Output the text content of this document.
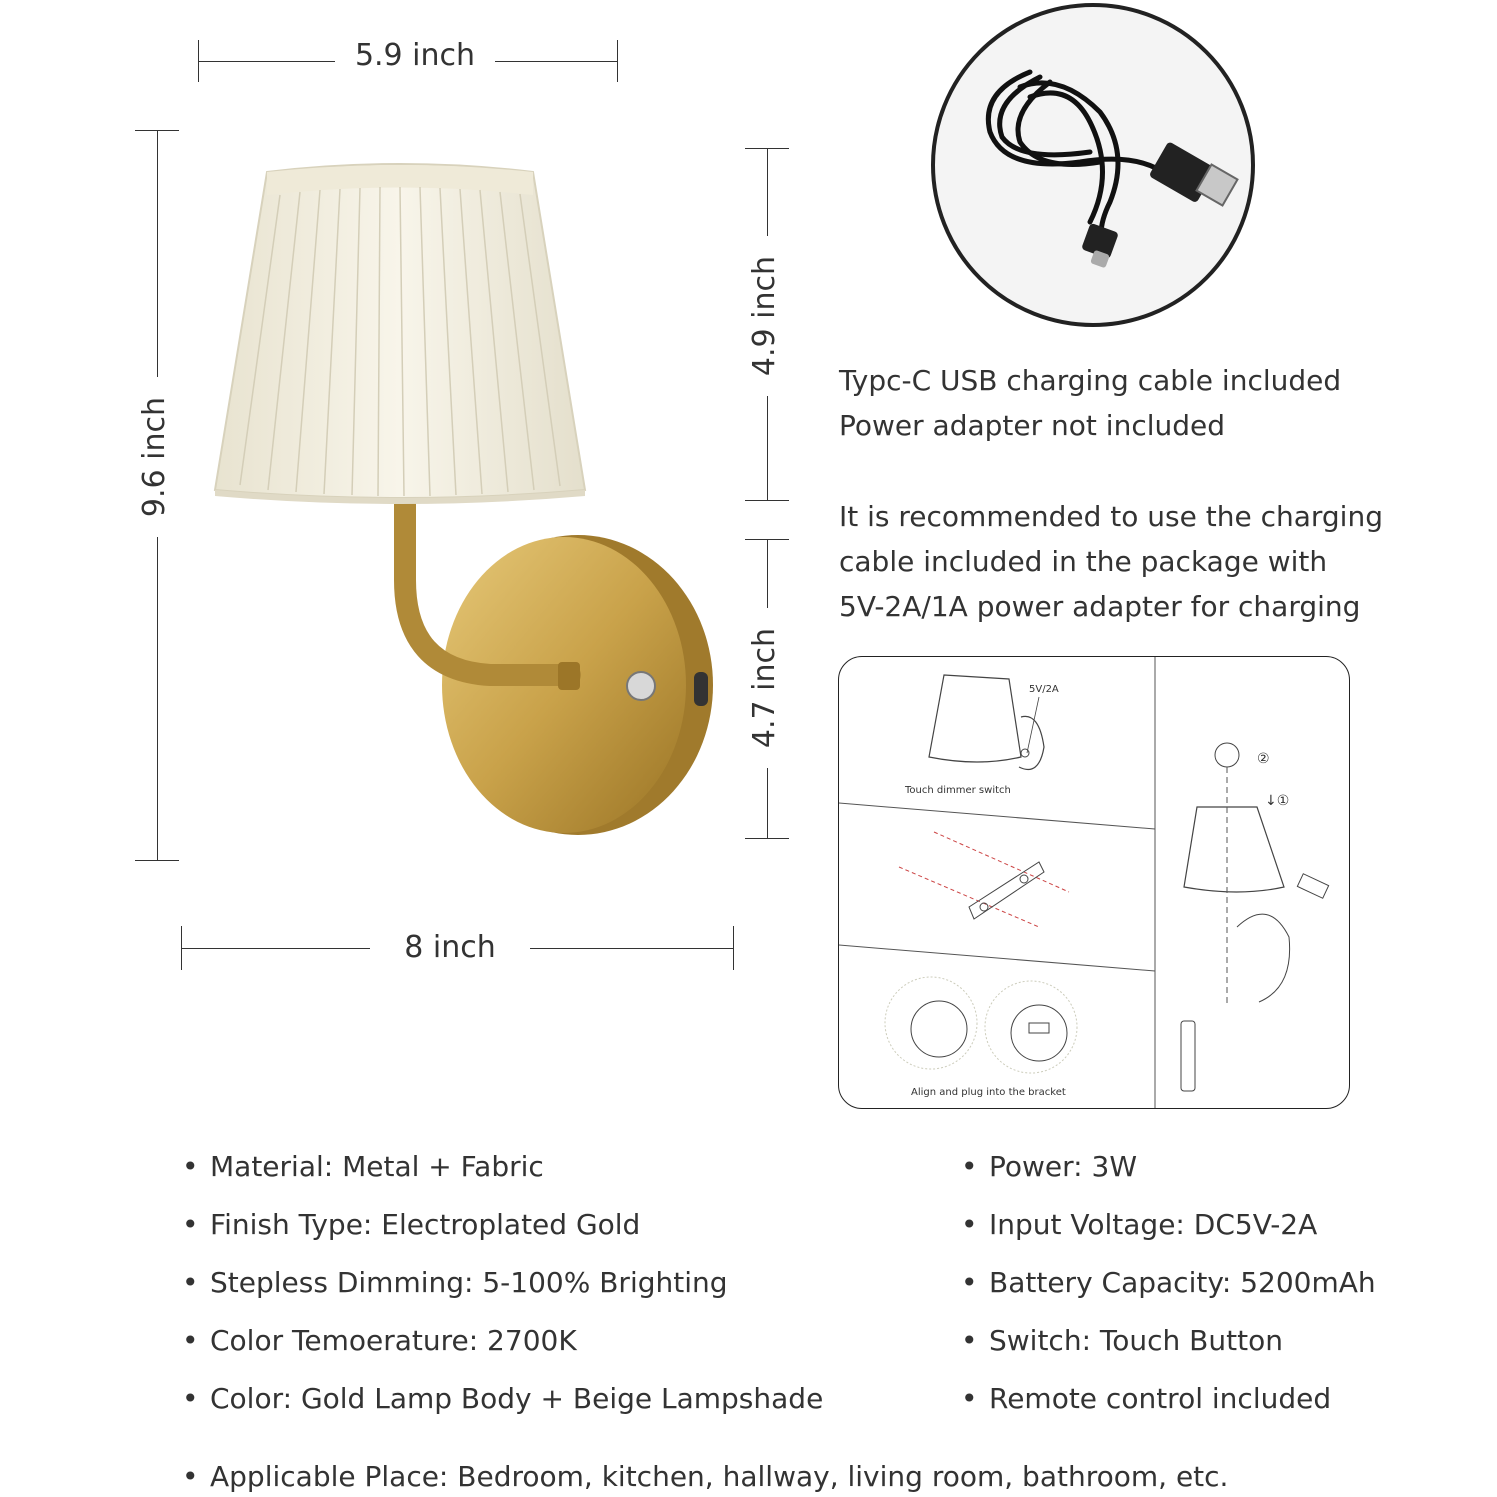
5.9 inch
9.6 inch
4.9 inch
4.7 inch
8 inch
Typc-C USB charging cable included
Power adapter not included
It is recommended to use the charging
cable included in the package with
5V-2A/1A power adapter for charging
5V/2A
Touch dimmer switch
②
↓①
Align and plug into the bracket
• Material: Metal + Fabric
• Finish Type: Electroplated Gold
• Stepless Dimming: 5-100% Brighting
• Color Temoerature: 2700K
• Color: Gold Lamp Body + Beige Lampshade
• Power: 3W
• Input Voltage: DC5V-2A
• Battery Capacity: 5200mAh
• Switch: Touch Button
• Remote control included
• Applicable Place: Bedroom, kitchen, hallway, living room, bathroom, etc.
